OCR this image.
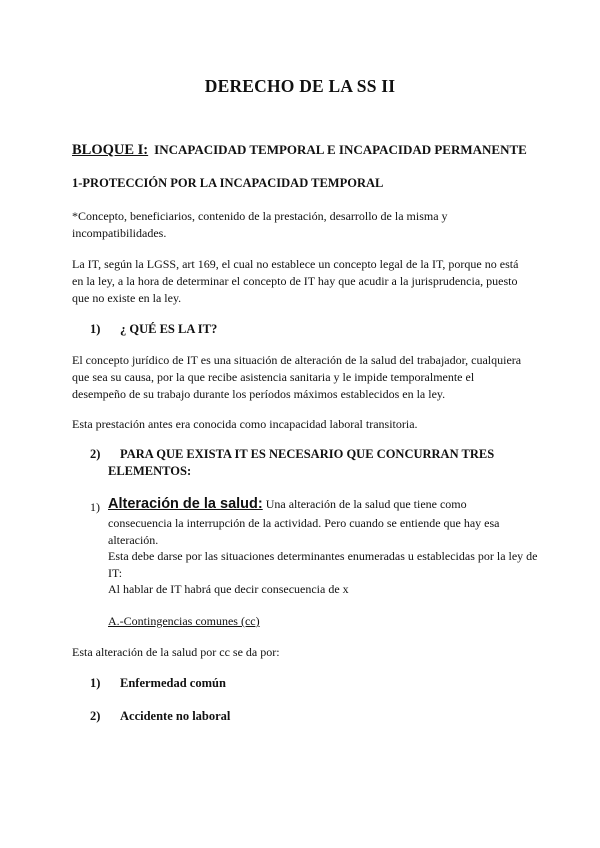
DERECHO DE LA SS II
BLOQUE I: INCAPACIDAD TEMPORAL E INCAPACIDAD PERMANENTE
1-PROTECCIÓN POR LA INCAPACIDAD TEMPORAL
*Concepto, beneficiarios, contenido de la prestación, desarrollo de la misma y
incompatibilidades.
La IT, según la LGSS, art 169, el cual no establece un concepto legal de la IT, porque no está
en la ley, a la hora de determinar el concepto de IT hay que acudir a la jurisprudencia, puesto
que no existe en la ley.
1) ¿ QUÉ ES LA IT?
El concepto jurídico de IT es una situación de alteración de la salud del trabajador, cualquiera
que sea su causa, por la que recibe asistencia sanitaria y le impide temporalmente el
desempeño de su trabajo durante los períodos máximos establecidos en la ley.
Esta prestación antes era conocida como incapacidad laboral transitoria.
2) PARA QUE EXISTA IT ES NECESARIO QUE CONCURRAN TRES
ELEMENTOS:
1) Alteración de la salud: Una alteración de la salud que tiene como
consecuencia la interrupción de la actividad. Pero cuando se entiende que hay esa
alteración.
Esta debe darse por las situaciones determinantes enumeradas u establecidas por la ley de
IT:
Al hablar de IT habrá que decir consecuencia de x
A.-Contingencias comunes (cc)
Esta alteración de la salud por cc se da por:
1) Enfermedad común
2) Accidente no laboral
